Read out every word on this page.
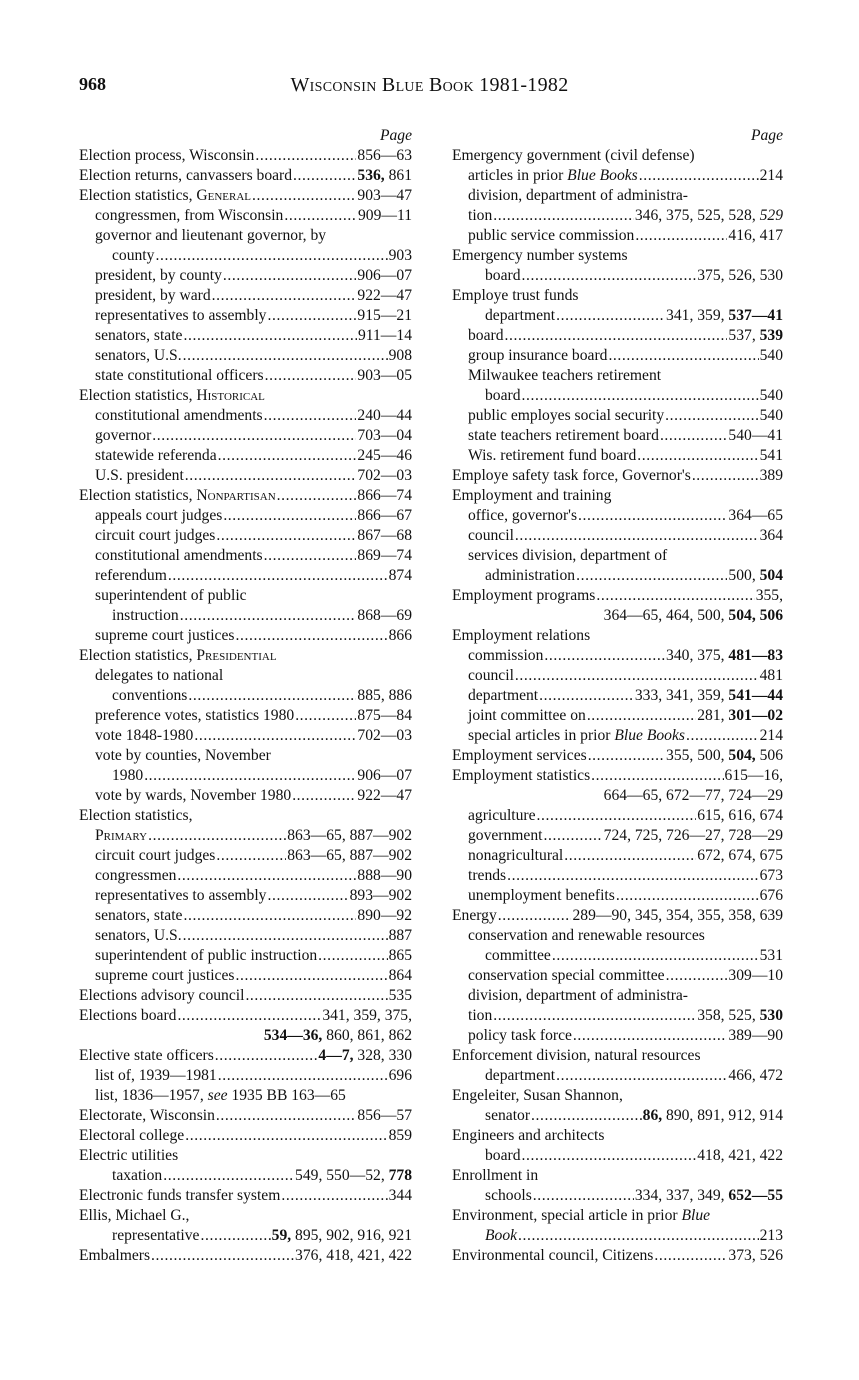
968	Wisconsin Blue Book 1981-1982
Page
Election process, Wisconsin .....	856—63
Election returns, canvassers board .....	536, 861
Election statistics, General .....	903—47
congressmen, from Wisconsin .....	909—11
governor and lieutenant governor, by
county .....	903
president, by county .....	906—07
president, by ward .....	922—47
representatives to assembly .....	915—21
senators, state .....	911—14
senators, U.S. .....	908
state constitutional officers .....	903—05
Election statistics, Historical
constitutional amendments .....	240—44
governor .....	703—04
statewide referenda .....	245—46
U.S. president .....	702—03
Election statistics, Nonpartisan .....	866—74
appeals court judges .....	866—67
circuit court judges .....	867—68
constitutional amendments .....	869—74
referendum .....	874
superintendent of public
instruction .....	868—69
supreme court justices .....	866
Election statistics, Presidential
delegates to national
conventions .....	885, 886
preference votes, statistics 1980 .....	875—84
vote 1848-1980 .....	702—03
vote by counties, November
1980 .....	906—07
vote by wards, November 1980 .....	922—47
Election statistics,
Primary .....	863—65, 887—902
circuit court judges .....	863—65, 887—902
congressmen .....	888—90
representatives to assembly .....	893—902
senators, state .....	890—92
senators, U.S. .....	887
superintendent of public instruction .....	865
supreme court justices .....	864
Elections advisory council .....	535
Elections board .....	341, 359, 375,
534—36, 860, 861, 862
Elective state officers .....	4—7, 328, 330
list of, 1939—1981 .....	696
list, 1836—1957, see 1935 BB 163—65
Electorate, Wisconsin .....	856—57
Electoral college .....	859
Electric utilities
taxation .....	549, 550—52, 778
Electronic funds transfer system .....	344
Ellis, Michael G.,
representative .....	59, 895, 902, 916, 921
Embalmers .....	376, 418, 421, 422
Page
Emergency government (civil defense)
articles in prior Blue Books .....	214
division, department of administra-
tion .....	346, 375, 525, 528, 529
public service commission .....	416, 417
Emergency number systems
board .....	375, 526, 530
Employe trust funds
department .....	341, 359, 537—41
board .....	537, 539
group insurance board .....	540
Milwaukee teachers retirement
board .....	540
public employes social security .....	540
state teachers retirement board .....	540—41
Wis. retirement fund board .....	541
Employe safety task force, Governor's .....	389
Employment and training
office, governor's .....	364—65
council .....	364
services division, department of
administration .....	500, 504
Employment programs .....	355,
364—65, 464, 500, 504, 506
Employment relations
commission .....	340, 375, 481—83
council .....	481
department .....	333, 341, 359, 541—44
joint committee on .....	281, 301—02
special articles in prior Blue Books .....	214
Employment services .....	355, 500, 504, 506
Employment statistics .....	615—16,
664—65, 672—77, 724—29
agriculture .....	615, 616, 674
government .....	724, 725, 726—27, 728—29
nonagricultural .....	672, 674, 675
trends .....	673
unemployment benefits .....	676
Energy .....	289—90, 345, 354, 355, 358, 639
conservation and renewable resources
committee .....	531
conservation special committee .....	309—10
division, department of administra-
tion .....	358, 525, 530
policy task force .....	389—90
Enforcement division, natural resources
department .....	466, 472
Engeleiter, Susan Shannon,
senator .....	86, 890, 891, 912, 914
Engineers and architects
board .....	418, 421, 422
Enrollment in
schools .....	334, 337, 349, 652—55
Environment, special article in prior Blue
Book .....	213
Environmental council, Citizens .....	373, 526
